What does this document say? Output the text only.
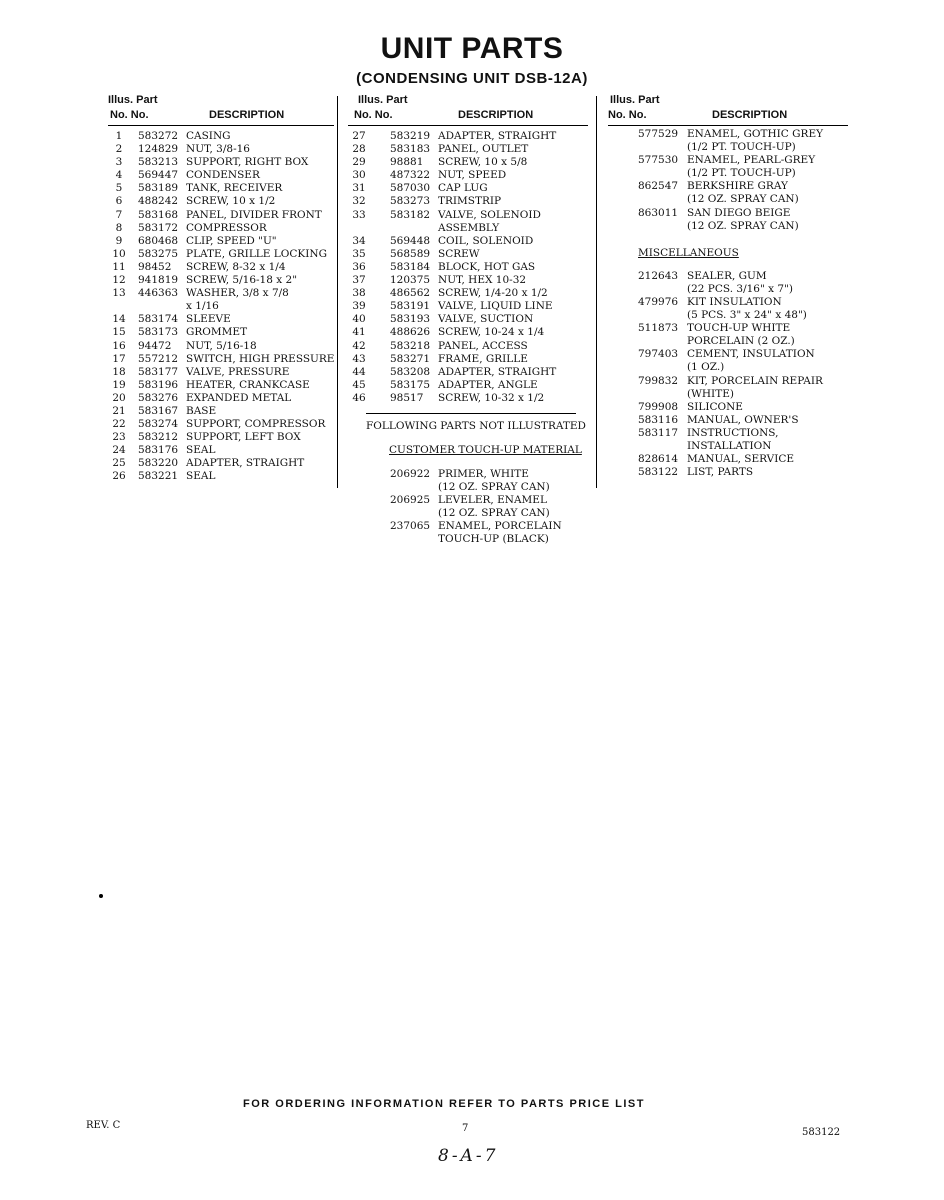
UNIT PARTS
(CONDENSING UNIT DSB-12A)
Illus. Part
No. No.	DESCRIPTION
1	583272 CASING
2	124829 NUT, 3/8-16
3	583213 SUPPORT, RIGHT BOX
4	569447 CONDENSER
5	583189 TANK, RECEIVER
6	488242 SCREW, 10 x 1/2
7	583168 PANEL, DIVIDER FRONT
8	583172 COMPRESSOR
9	680468 CLIP, SPEED "U"
10	583275 PLATE, GRILLE LOCKING
11	98452 SCREW, 8-32 x 1/4
12	941819 SCREW, 5/16-18 x 2"
13	446363 WASHER, 3/8 x 7/8
x 1/16
14	583174 SLEEVE
15	583173 GROMMET
16	94472 NUT, 5/16-18
17	557212 SWITCH, HIGH PRESSURE
18	583177 VALVE, PRESSURE
19	583196 HEATER, CRANKCASE
20	583276 EXPANDED METAL
21	583167 BASE
22	583274 SUPPORT, COMPRESSOR
23	583212 SUPPORT, LEFT BOX
24	583176 SEAL
25	583220 ADAPTER, STRAIGHT
26	583221 SEAL
Illus. Part
No. No.	DESCRIPTION
27	583219 ADAPTER, STRAIGHT
28	583183 PANEL, OUTLET
29	98881 SCREW, 10 x 5/8
30	487322 NUT, SPEED
31	587030 CAP LUG
32	583273 TRIMSTRIP
33	583182 VALVE, SOLENOID
ASSEMBLY
34	569448 COIL, SOLENOID
35	568589 SCREW
36	583184 BLOCK, HOT GAS
37	120375 NUT, HEX 10-32
38	486562 SCREW, 1/4-20 x 1/2
39	583191 VALVE, LIQUID LINE
40	583193 VALVE, SUCTION
41	488626 SCREW, 10-24 x 1/4
42	583218 PANEL, ACCESS
43	583271 FRAME, GRILLE
44	583208 ADAPTER, STRAIGHT
45	583175 ADAPTER, ANGLE
46	98517 SCREW, 10-32 x 1/2
FOLLOWING PARTS NOT ILLUSTRATED
CUSTOMER TOUCH-UP MATERIAL
206922 PRIMER, WHITE
(12 OZ. SPRAY CAN)
206925 LEVELER, ENAMEL
(12 OZ. SPRAY CAN)
237065 ENAMEL, PORCELAIN
TOUCH-UP (BLACK)
Illus. Part
No. No.	DESCRIPTION
577529 ENAMEL, GOTHIC GREY
(1/2 PT. TOUCH-UP)
577530 ENAMEL, PEARL-GREY
(1/2 PT. TOUCH-UP)
862547 BERKSHIRE GRAY
(12 OZ. SPRAY CAN)
863011 SAN DIEGO BEIGE
(12 OZ. SPRAY CAN)
MISCELLANEOUS
212643 SEALER, GUM
(22 PCS. 3/16" x 7")
479976 KIT INSULATION
(5 PCS. 3" x 24" x 48")
511873 TOUCH-UP WHITE
PORCELAIN (2 OZ.)
797403 CEMENT, INSULATION
(1 OZ.)
799832 KIT, PORCELAIN REPAIR
(WHITE)
799908 SILICONE
583116 MANUAL, OWNER'S
583117 INSTRUCTIONS,
INSTALLATION
828614 MANUAL, SERVICE
583122 LIST, PARTS
FOR ORDERING INFORMATION REFER TO PARTS PRICE LIST
REV. C	7	583122
8-A-7
